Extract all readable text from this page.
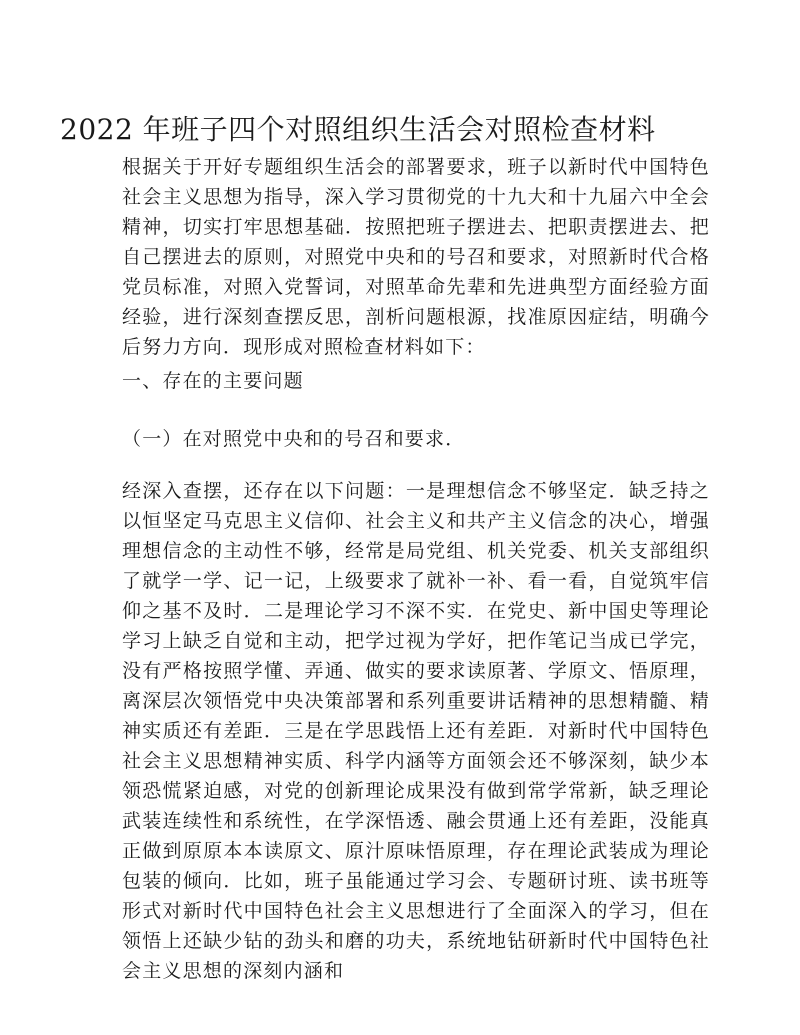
2022 年班子四个对照组织生活会对照检查材料

根据关于开好专题组织生活会的部署要求，班子以新时代中国特色社会主义思想为指导，深入学习贯彻党的十九大和十九届六中全会精神，切实打牢思想基础．按照把班子摆进去、把职责摆进去、把自己摆进去的原则，对照党中央和的号召和要求，对照新时代合格党员标准，对照入党誓词，对照革命先辈和先进典型方面经验方面经验，进行深刻查摆反思，剖析问题根源，找准原因症结，明确今后努力方向．现形成对照检查材料如下：

一、存在的主要问题

（一）在对照党中央和的号召和要求．

经深入查摆，还存在以下问题：一是理想信念不够坚定．缺乏持之以恒坚定马克思主义信仰、社会主义和共产主义信念的决心，增强理想信念的主动性不够，经常是局党组、机关党委、机关支部组织了就学一学、记一记，上级要求了就补一补、看一看，自觉筑牢信仰之基不及时．二是理论学习不深不实．在党史、新中国史等理论学习上缺乏自觉和主动，把学过视为学好，把作笔记当成已学完，没有严格按照学懂、弄通、做实的要求读原著、学原文、悟原理，离深层次领悟党中央决策部署和系列重要讲话精神的思想精髓、精神实质还有差距．三是在学思践悟上还有差距．对新时代中国特色社会主义思想精神实质、科学内涵等方面领会还不够深刻，缺少本领恐慌紧迫感，对党的创新理论成果没有做到常学常新，缺乏理论武装连续性和系统性，在学深悟透、融会贯通上还有差距，没能真正做到原原本本读原文、原汁原味悟原理，存在理论武装成为理论包装的倾向．比如，班子虽能通过学习会、专题研讨班、读书班等形式对新时代中国特色社会主义思想进行了全面深入的学习，但在领悟上还缺少钻的劲头和磨的功夫，系统地钻研新时代中国特色社会主义思想的深刻内涵和
